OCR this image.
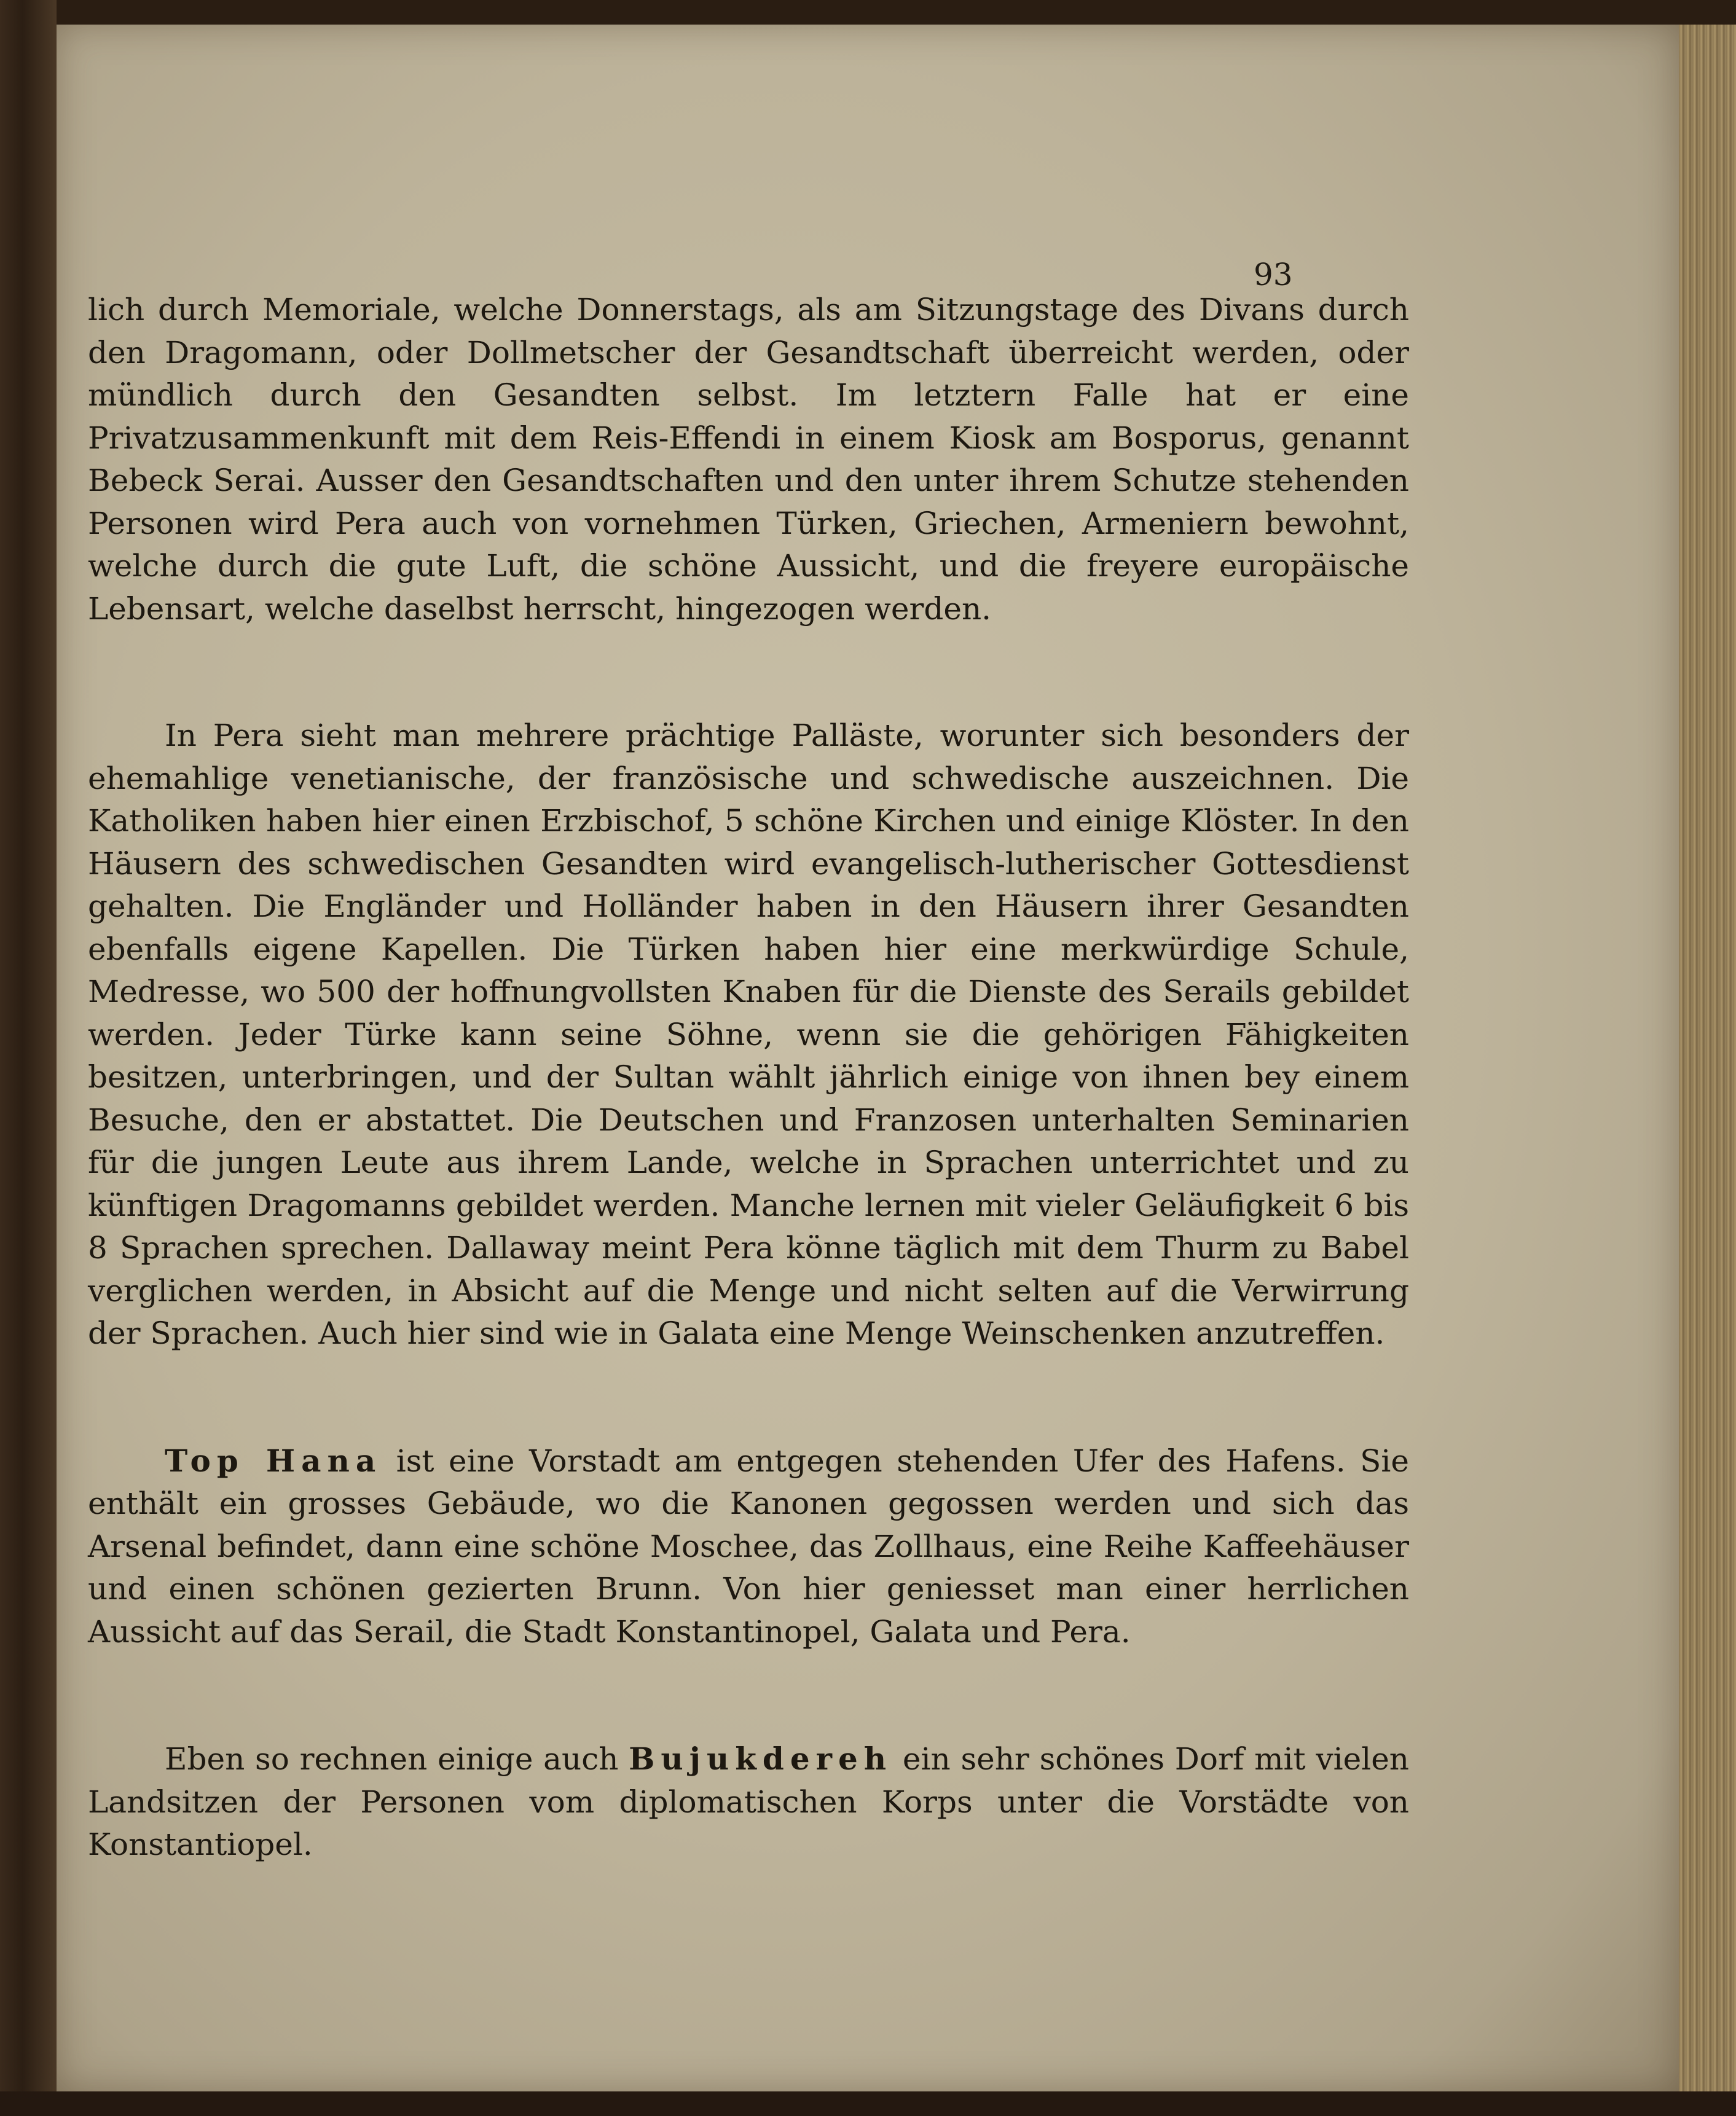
93

lich durch Memoriale, welche Donnerstags, als am Sitzungstage des Divans durch den Dragomann, oder Dollmetscher der Gesandtschaft überreicht werden, oder mündlich durch den Gesandten selbst. Im letztern Falle hat er eine Privatzusammenkunft mit dem Reis-Effendi in einem Kiosk am Bosporus, genannt Bebeck Serai. Ausser den Gesandtschaften und den unter ihrem Schutze stehenden Personen wird Pera auch von vornehmen Türken, Griechen, Armeniern bewohnt, welche durch die gute Luft, die schöne Aussicht, und die freyere europäische Lebensart, welche daselbst herrscht, hingezogen werden.

In Pera sieht man mehrere prächtige Palläste, worunter sich besonders der ehemahlige venetianische, der französische und schwedische auszeichnen. Die Katholiken haben hier einen Erzbischof, 5 schöne Kirchen und einige Klöster. In den Häusern des schwedischen Gesandten wird evangelisch-lutherischer Gottesdienst gehalten. Die Engländer und Holländer haben in den Häusern ihrer Gesandten ebenfalls eigene Kapellen. Die Türken haben hier eine merkwürdige Schule, Medresse, wo 500 der hoffnungvollsten Knaben für die Dienste des Serails gebildet werden. Jeder Türke kann seine Söhne, wenn sie die gehörigen Fähigkeiten besitzen, unterbringen, und der Sultan wählt jährlich einige von ihnen bey einem Besuche, den er abstattet. Die Deutschen und Franzosen unterhalten Seminarien für die jungen Leute aus ihrem Lande, welche in Sprachen unterrichtet und zu künftigen Dragomanns gebildet werden. Manche lernen mit vieler Geläufigkeit 6 bis 8 Sprachen sprechen. Dallaway meint Pera könne täglich mit dem Thurm zu Babel verglichen werden, in Absicht auf die Menge und nicht selten auf die Verwirrung der Sprachen. Auch hier sind wie in Galata eine Menge Weinschenken anzutreffen.

Top Hana ist eine Vorstadt am entgegen stehenden Ufer des Hafens. Sie enthält ein grosses Gebäude, wo die Kanonen gegossen werden und sich das Arsenal befindet, dann eine schöne Moschee, das Zollhaus, eine Reihe Kaffeehäuser und einen schönen gezierten Brunn. Von hier geniesset man einer herrlichen Aussicht auf das Serail, die Stadt Konstantinopel, Galata und Pera.

Eben so rechnen einige auch Bujukdereh ein sehr schönes Dorf mit vielen Landsitzen der Personen vom diplomatischen Korps unter die Vorstädte von Konstantiopel.
